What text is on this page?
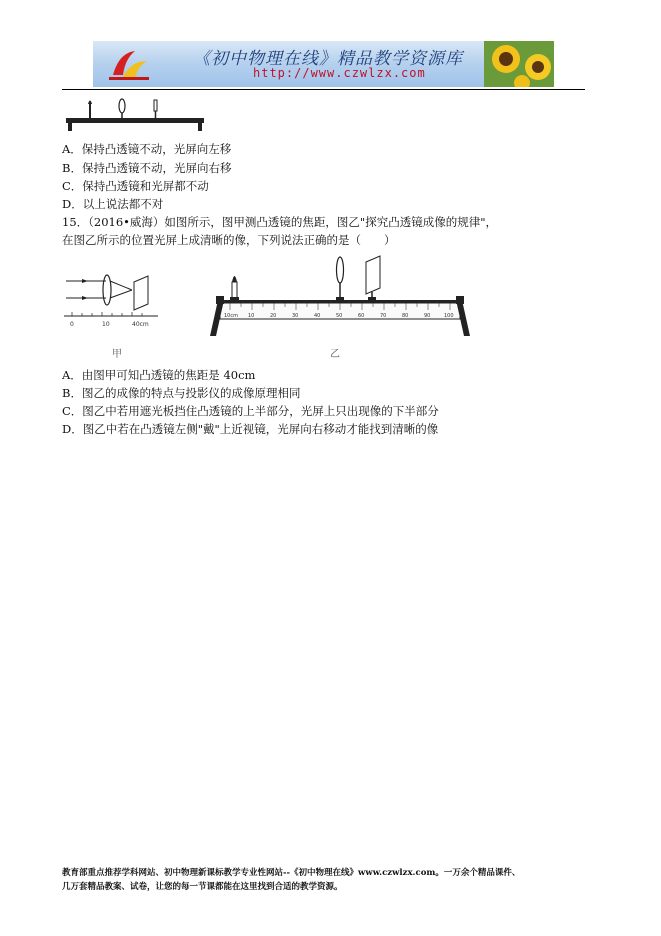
《初中物理在线》精品教学资源库
http://www.czwlzx.com
A．保持凸透镜不动，光屏向左移
B．保持凸透镜不动，光屏向右移
C．保持凸透镜和光屏都不动
D．以上说法都不对
15．（2016•威海）如图所示，图甲测凸透镜的焦距，图乙"探究凸透镜成像的规律"，
在图乙所示的位置光屏上成清晰的像，下列说法正确的是（　　）
0	10	40cm
甲
10cm 10	20	30	40	50	60	70	80	90	100
乙
A．由图甲可知凸透镜的焦距是 40cm
B．图乙的成像的特点与投影仪的成像原理相同
C．图乙中若用遮光板挡住凸透镜的上半部分，光屏上只出现像的下半部分
D．图乙中若在凸透镜左侧"戴"上近视镜，光屏向右移动才能找到清晰的像
教育部重点推荐学科网站、初中物理新课标教学专业性网站--《初中物理在线》www.czwlzx.com。一万余个精品课件、
几万套精品教案、试卷，让您的每一节课都能在这里找到合适的教学资源。
